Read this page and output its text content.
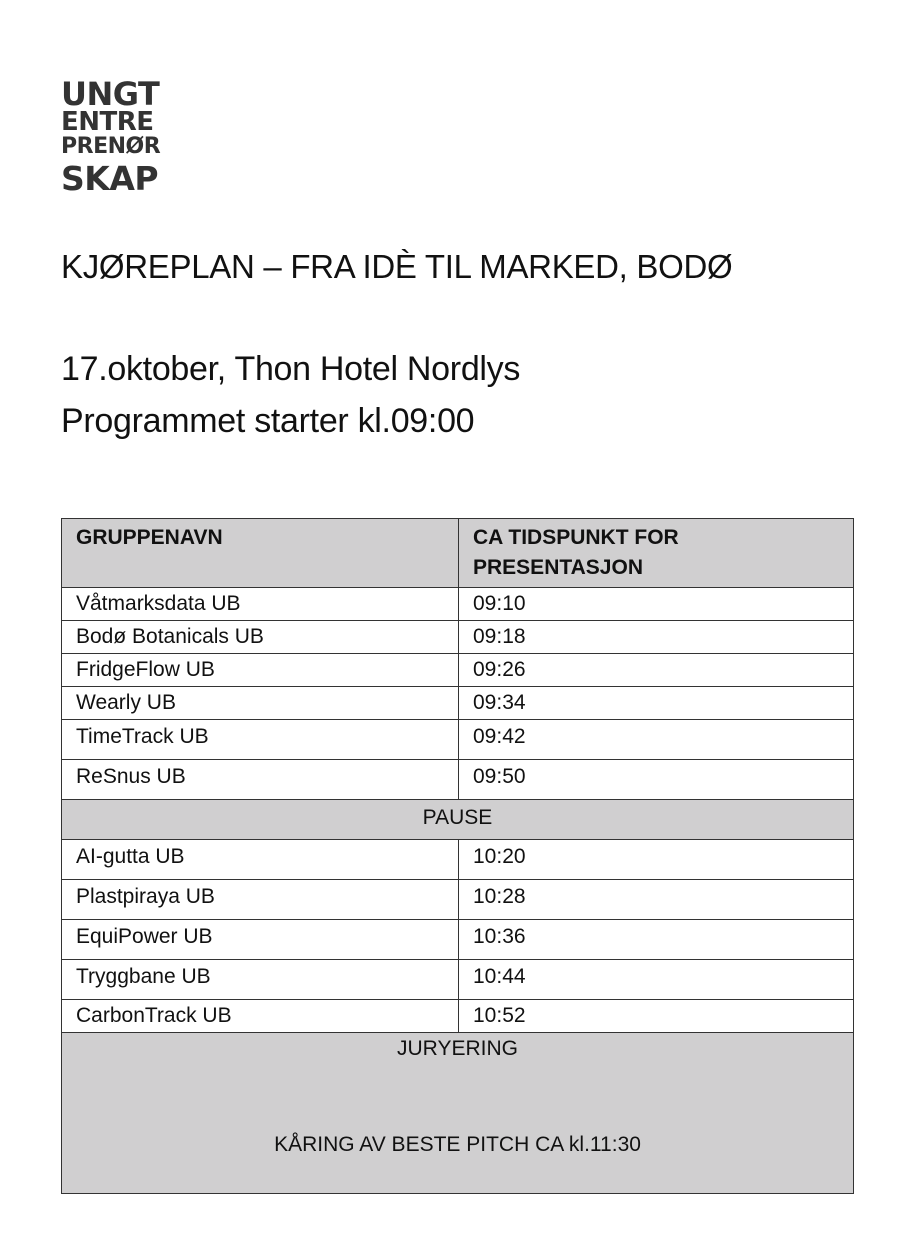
UNGT
ENTRE
PRENØR
SKAP
KJØREPLAN – FRA IDÈ TIL MARKED, BODØ
17.oktober, Thon Hotel Nordlys
Programmet starter kl.09:00
GRUPPENAVN	CA TIDSPUNKT FOR PRESENTASJON
Våtmarksdata UB	09:10
Bodø Botanicals UB	09:18
FridgeFlow UB	09:26
Wearly UB	09:34
TimeTrack UB	09:42
ReSnus UB	09:50
PAUSE	
AI-gutta UB	10:20
Plastpiraya UB	10:28
EquiPower UB	10:36
Tryggbane UB	10:44
CarbonTrack UB	10:52

JURYERING
KÅRING AV BESTE PITCH CA kl.11:30	
